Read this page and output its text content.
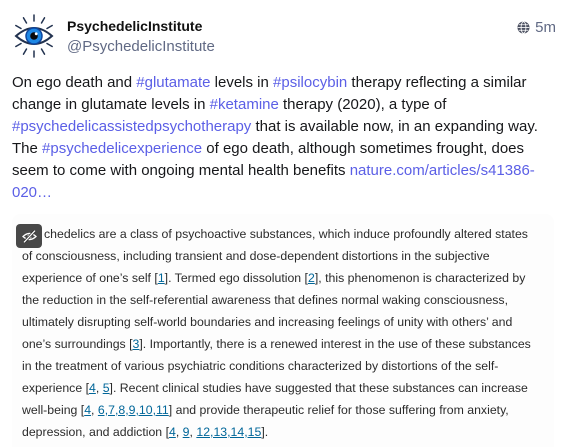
PsychedelicInstitute
@PsychedelicInstitute
5m
On ego death and #glutamate levels in #psilocybin therapy reflecting a similar
change in glutamate levels in #ketamine therapy (2020), a type of
#psychedelicassistedpsychotherapy that is available now, in an expanding way.
The #psychedelicexperience of ego death, although sometimes frought, does
seem to come with ongoing mental health benefits nature.com/articles/s41386-
020…
chedelics are a class of psychoactive substances, which induce profoundly altered states
of consciousness, including transient and dose-dependent distortions in the subjective
experience of one’s self [1]. Termed ego dissolution [2], this phenomenon is characterized by
the reduction in the self-referential awareness that defines normal waking consciousness,
ultimately disrupting self-world boundaries and increasing feelings of unity with others’ and
one’s surroundings [3]. Importantly, there is a renewed interest in the use of these substances
in the treatment of various psychiatric conditions characterized by distortions of the self-
experience [4, 5]. Recent clinical studies have suggested that these substances can increase
well-being [4, 6,7,8,9,10,11] and provide therapeutic relief for those suffering from anxiety,
depression, and addiction [4, 9, 12,13,14,15].
